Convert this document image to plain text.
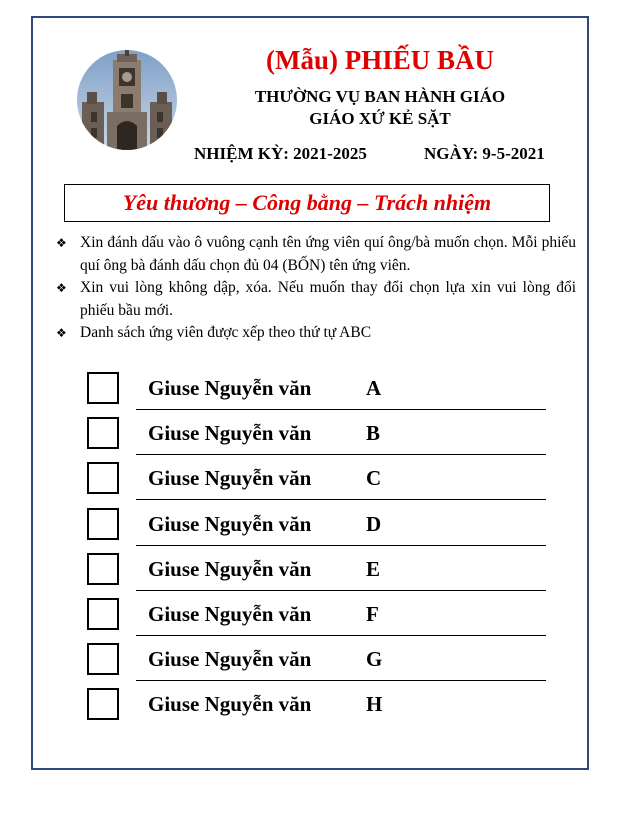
(Mẫu) PHIẾU BẦU
THƯỜNG VỤ BAN HÀNH GIÁO
GIÁO XỨ KẺ SẶT
NHIỆM KỲ: 2021-2025	NGÀY: 9-5-2021
Yêu thương – Công bằng – Trách nhiệm
❖ Xin đánh dấu vào ô vuông cạnh tên ứng viên quí ông/bà muốn chọn. Mỗi phiếu quí ông bà đánh dấu chọn đủ 04 (BỐN) tên ứng viên.
❖ Xin vui lòng không dập, xóa. Nếu muốn thay đổi chọn lựa xin vui lòng đổi phiếu bầu mới.
❖ Danh sách ứng viên được xếp theo thứ tự ABC
Giuse Nguyễn văn	A
Giuse Nguyễn văn	B
Giuse Nguyễn văn	C
Giuse Nguyễn văn	D
Giuse Nguyễn văn	E
Giuse Nguyễn văn	F
Giuse Nguyễn văn	G
Giuse Nguyễn văn	H
